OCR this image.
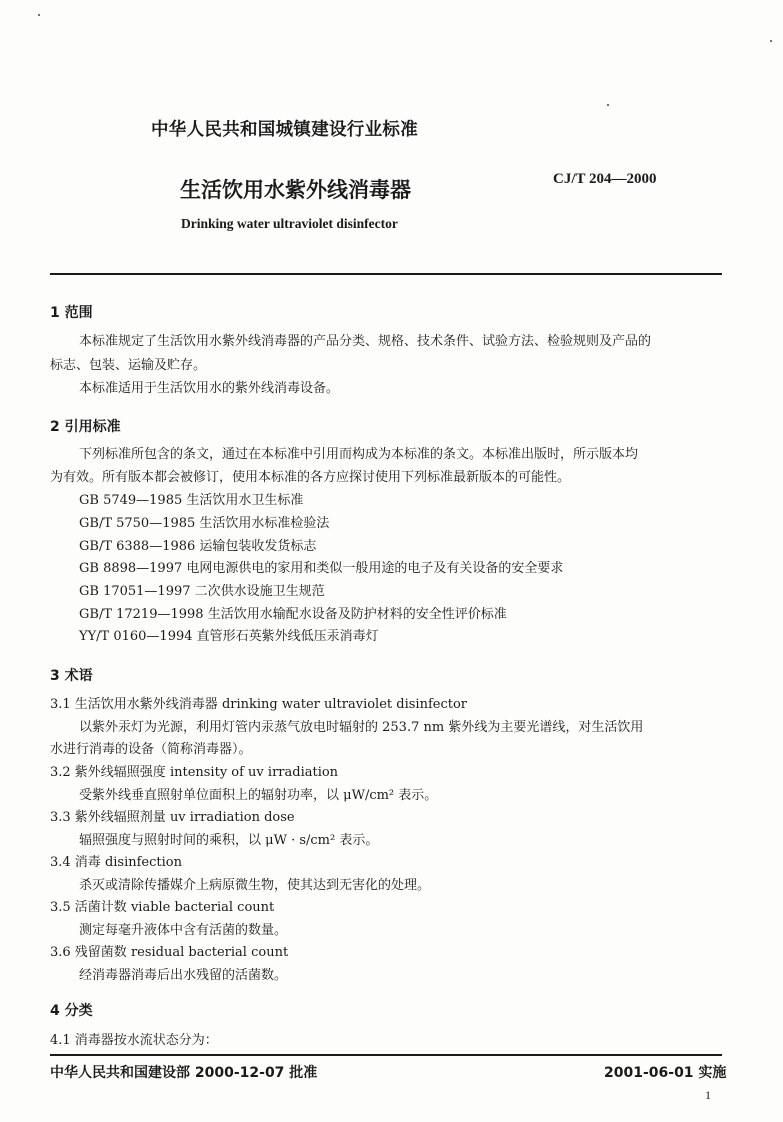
中华人民共和国城镇建设行业标准
生活饮用水紫外线消毒器	CJ/T 204—2000
Drinking water ultraviolet disinfector
1 范围
本标准规定了生活饮用水紫外线消毒器的产品分类、规格、技术条件、试验方法、检验规则及产品的
标志、包装、运输及贮存。
本标准适用于生活饮用水的紫外线消毒设备。
2 引用标准
下列标准所包含的条文，通过在本标准中引用而构成为本标准的条文。本标准出版时，所示版本均
为有效。所有版本都会被修订，使用本标准的各方应探讨使用下列标准最新版本的可能性。
GB 5749—1985 生活饮用水卫生标准
GB/T 5750—1985 生活饮用水标准检验法
GB/T 6388—1986 运输包装收发货标志
GB 8898—1997 电网电源供电的家用和类似一般用途的电子及有关设备的安全要求
GB 17051—1997 二次供水设施卫生规范
GB/T 17219—1998 生活饮用水输配水设备及防护材料的安全性评价标准
YY/T 0160—1994 直管形石英紫外线低压汞消毒灯
3 术语
3.1 生活饮用水紫外线消毒器 drinking water ultraviolet disinfector
以紫外汞灯为光源，利用灯管内汞蒸气放电时辐射的 253.7 nm 紫外线为主要光谱线，对生活饮用
水进行消毒的设备（简称消毒器）。
3.2 紫外线辐照强度 intensity of uv irradiation
受紫外线垂直照射单位面积上的辐射功率，以 μW/cm² 表示。
3.3 紫外线辐照剂量 uv irradiation dose
辐照强度与照射时间的乘积，以 μW · s/cm² 表示。
3.4 消毒 disinfection
杀灭或清除传播媒介上病原微生物，使其达到无害化的处理。
3.5 活菌计数 viable bacterial count
测定每毫升液体中含有活菌的数量。
3.6 残留菌数 residual bacterial count
经消毒器消毒后出水残留的活菌数。
4 分类
4.1 消毒器按水流状态分为：
中华人民共和国建设部 2000-12-07 批准	2001-06-01 实施
1
